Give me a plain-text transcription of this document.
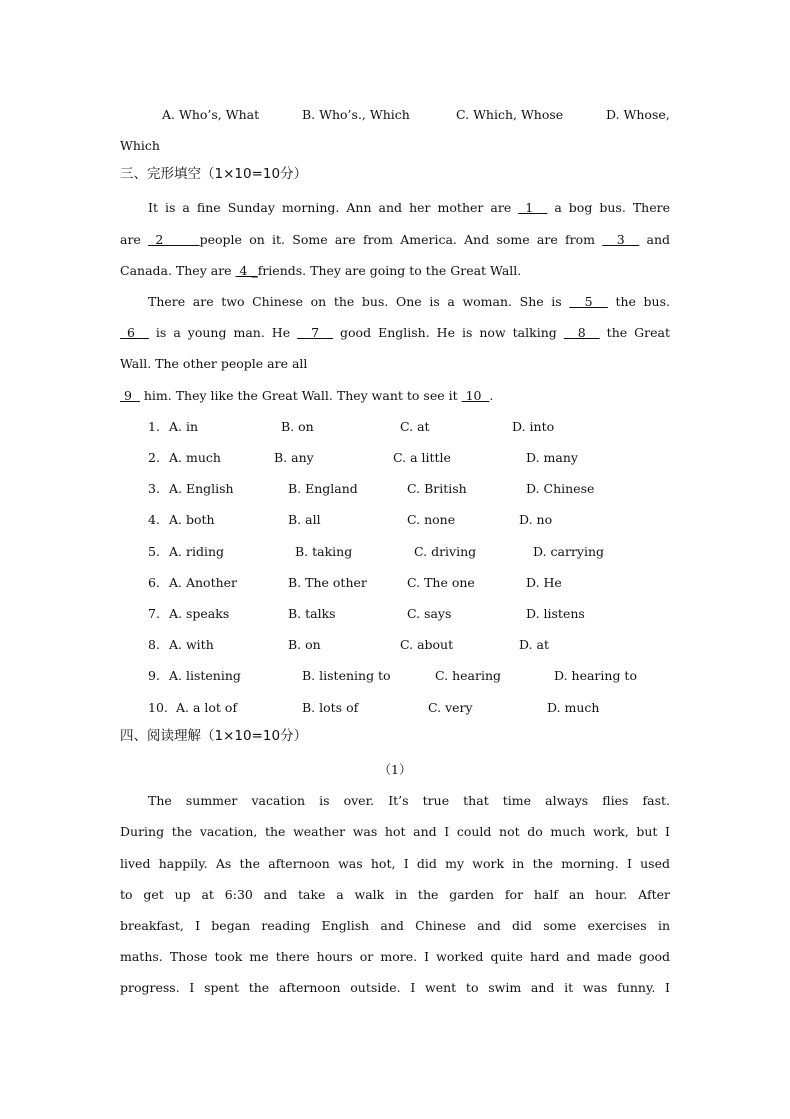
A. Who’s, What	B. Who’s., Which	C. Which, Whose	D. Whose,
Which
三、完形填空（1×10=10分）
It is a fine Sunday morning. Ann and her mother are  1   a bog bus. There
are  2     people on it. Some are from America. And some are from   3   and
Canada. They are  4 _friends. They are going to the Great Wall.
There are two Chinese on the bus. One is a woman. She is   5   the bus.
6   is a young man. He   7   good English. He is now talking   8   the Great
Wall. The other people are all
9   him. They like the Great Wall. They want to see it  10  .
1. A. in	B. on	C. at	D. into
2. A. much	B. any	C. a little	D. many
3. A. English	B. England	C. British	D. Chinese
4. A. both	B. all	C. none	D. no
5. A. riding	B. taking	C. driving	D. carrying
6. A. Another	B. The other	C. The one	D. He
7. A. speaks	B. talks	C. says	D. listens
8. A. with	B. on	C. about	D. at
9. A. listening	B. listening to	C. hearing	D. hearing to
10. A. a lot of	B. lots of	C. very	D. much
四、阅读理解（1×10=10分）
（1）
The summer vacation is over. It’s true that time always flies fast.
During the vacation, the weather was hot and I could not do much work, but I
lived happily. As the afternoon was hot, I did my work in the morning. I used
to get up at 6:30 and take a walk in the garden for half an hour. After
breakfast, I began reading English and Chinese and did some exercises in
maths. Those took me there hours or more. I worked quite hard and made good
progress. I spent the afternoon outside. I went to swim and it was funny. I
